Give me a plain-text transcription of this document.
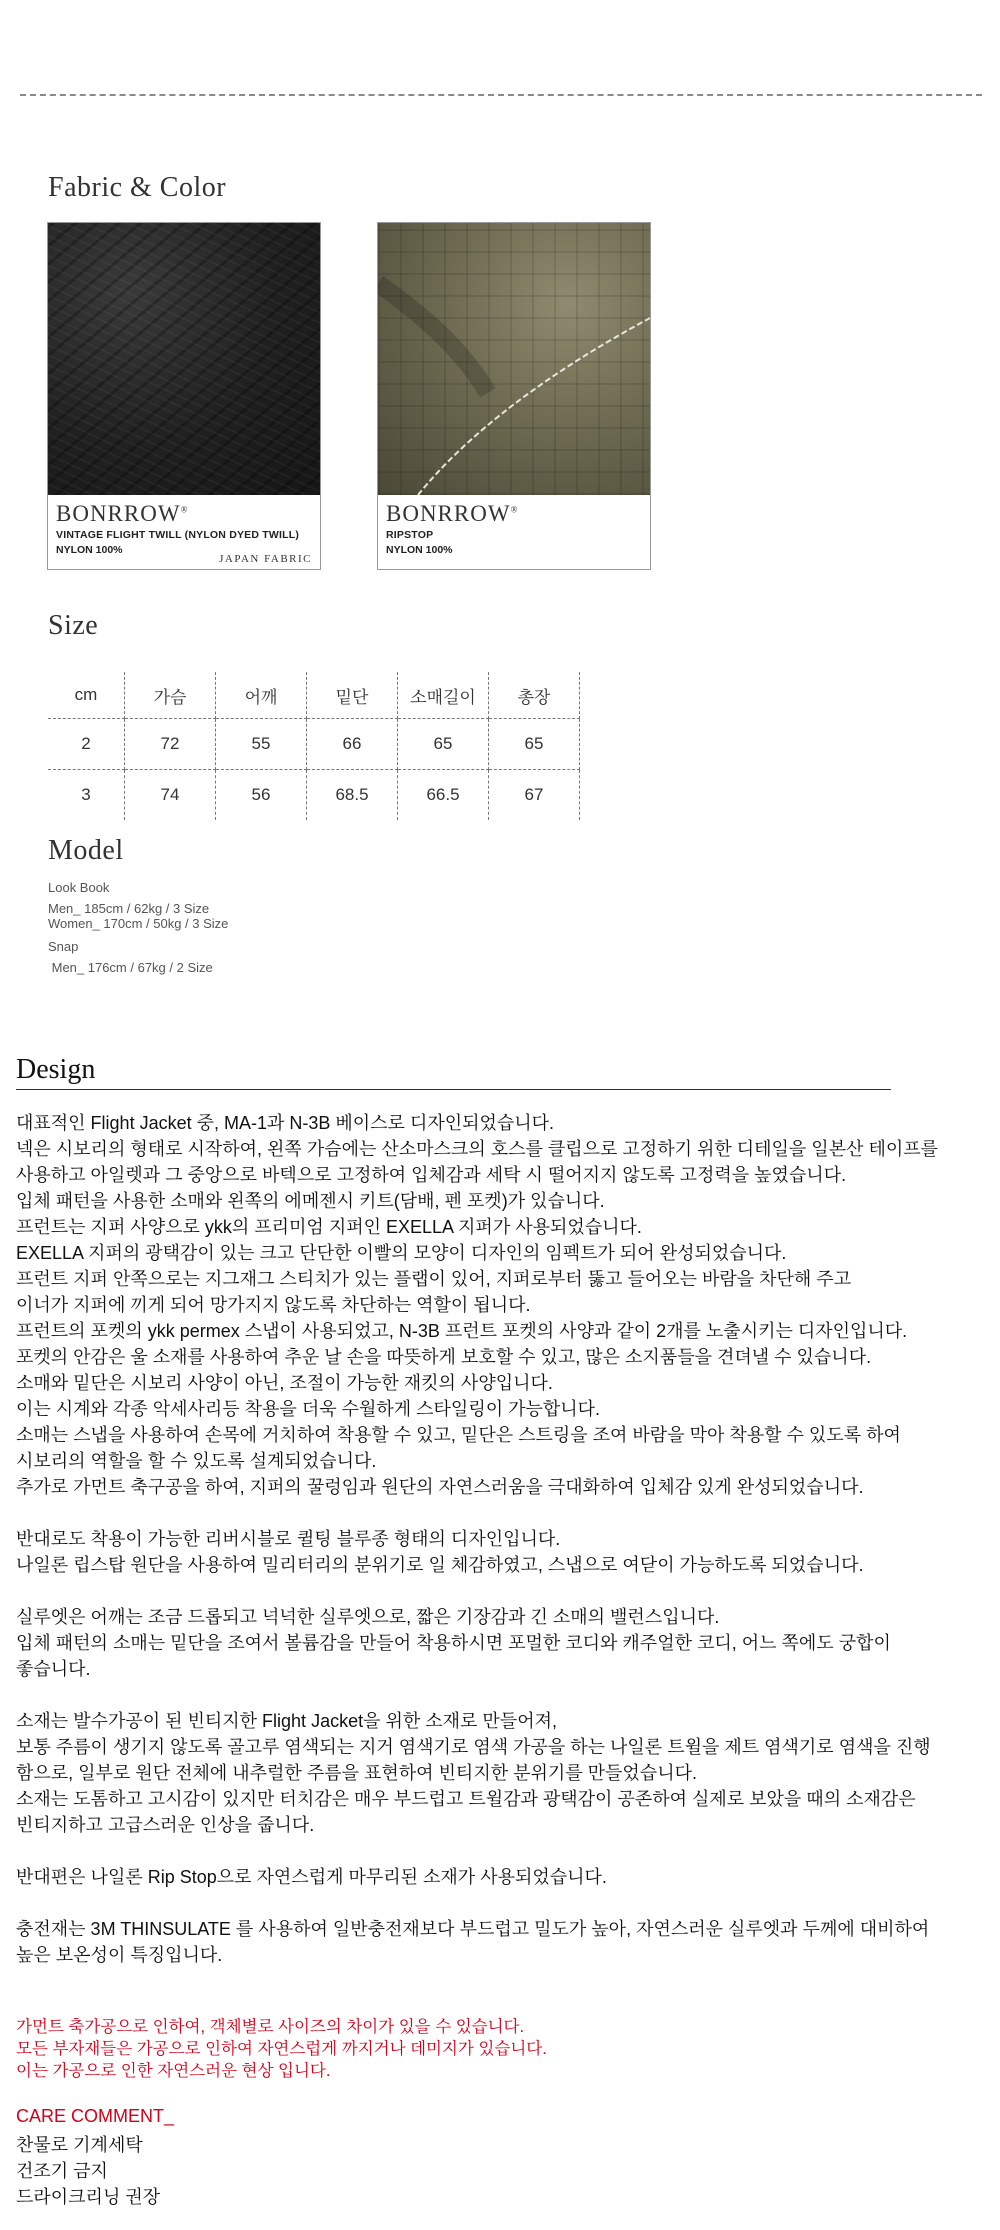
Fabric & Color
BONRROW®
VINTAGE FLIGHT TWILL (NYLON DYED TWILL)
NYLON 100%
JAPAN FABRIC
BONRROW®
RIPSTOP
NYLON 100%
Size
cm	가슴	어깨	밑단	소매길이	총장
2	72	55	66	65	65
3	74	56	68.5	66.5	67
Model
Look Book
Men_ 185cm / 62kg / 3 Size
Women_ 170cm / 50kg / 3 Size
Snap
Men_ 176cm / 67kg / 2 Size
Design
대표적인 Flight Jacket 중, MA-1과 N-3B 베이스로 디자인되었습니다.
넥은 시보리의 형태로 시작하여, 왼쪽 가슴에는 산소마스크의 호스를 클립으로 고정하기 위한 디테일을 일본산 테이프를
사용하고 아일렛과 그 중앙으로 바텍으로 고정하여 입체감과 세탁 시 떨어지지 않도록 고정력을 높였습니다.
입체 패턴을 사용한 소매와 왼쪽의 에메젠시 키트(담배, 펜 포켓)가 있습니다.
프런트는 지퍼 사양으로 ykk의 프리미엄 지퍼인 EXELLA 지퍼가 사용되었습니다.
EXELLA 지퍼의 광택감이 있는 크고 단단한 이빨의 모양이 디자인의 임펙트가 되어 완성되었습니다.
프런트 지퍼 안쪽으로는 지그재그 스티치가 있는 플랩이 있어, 지퍼로부터 뚫고 들어오는 바람을 차단해 주고
이너가 지퍼에 끼게 되어 망가지지 않도록 차단하는 역할이 됩니다.
프런트의 포켓의 ykk permex 스냅이 사용되었고, N-3B 프런트 포켓의 사양과 같이 2개를 노출시키는 디자인입니다.
포켓의 안감은 울 소재를 사용하여 추운 날 손을 따뜻하게 보호할 수 있고, 많은 소지품들을 견뎌낼 수 있습니다.
소매와 밑단은 시보리 사양이 아닌, 조절이 가능한 재킷의 사양입니다.
이는 시계와 각종 악세사리등 착용을 더욱 수월하게 스타일링이 가능합니다.
소매는 스냅을 사용하여 손목에 거치하여 착용할 수 있고, 밑단은 스트링을 조여 바람을 막아 착용할 수 있도록 하여
시보리의 역할을 할 수 있도록 설계되었습니다.
추가로 가먼트 축구공을 하여, 지퍼의 꿀렁임과 원단의 자연스러움을 극대화하여 입체감 있게 완성되었습니다.
반대로도 착용이 가능한 리버시블로 퀼팅 블루종 형태의 디자인입니다.
나일론 립스탑 원단을 사용하여 밀리터리의 분위기로 일 체감하였고, 스냅으로 여닫이 가능하도록 되었습니다.
실루엣은 어깨는 조금 드롭되고 넉넉한 실루엣으로, 짧은 기장감과 긴 소매의 밸런스입니다.
입체 패턴의 소매는 밑단을 조여서 볼륨감을 만들어 착용하시면 포멀한 코디와 캐주얼한 코디, 어느 쪽에도 궁합이
좋습니다.
소재는 발수가공이 된 빈티지한 Flight Jacket을 위한 소재로 만들어져,
보통 주름이 생기지 않도록 골고루 염색되는 지거 염색기로 염색 가공을 하는 나일론 트윌을 제트 염색기로 염색을 진행
함으로, 일부로 원단 전체에 내추럴한 주름을 표현하여 빈티지한 분위기를 만들었습니다.
소재는 도톰하고 고시감이 있지만 터치감은 매우 부드럽고 트윌감과 광택감이 공존하여 실제로 보았을 때의 소재감은
빈티지하고 고급스러운 인상을 줍니다.
반대편은 나일론 Rip Stop으로 자연스럽게 마무리된 소재가 사용되었습니다.
충전재는 3M THINSULATE 를 사용하여 일반충전재보다 부드럽고 밀도가 높아, 자연스러운 실루엣과 두께에 대비하여
높은 보온성이 특징입니다.
가먼트 축가공으로 인하여, 객체별로 사이즈의 차이가 있을 수 있습니다.
모든 부자재들은 가공으로 인하여 자연스럽게 까지거나 데미지가 있습니다.
이는 가공으로 인한 자연스러운 현상 입니다.
CARE COMMENT_
찬물로 기계세탁
건조기 금지
드라이크리닝 권장
